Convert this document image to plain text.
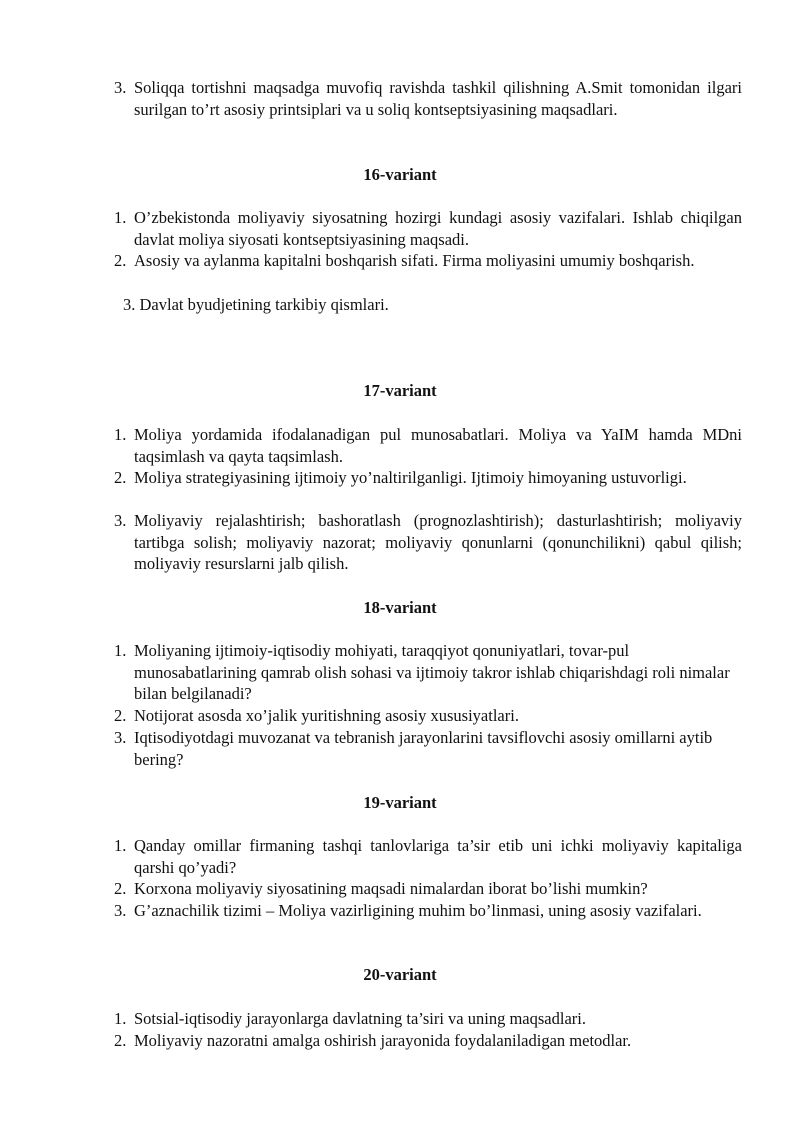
3. Soliqqa tortishni maqsadga muvofiq ravishda tashkil qilishning A.Smit tomonidan ilgari surilgan to’rt asosiy printsiplari va u soliq kontseptsiyasining maqsadlari.
16-variant
1. O’zbekistonda moliyaviy siyosatning hozirgi kundagi asosiy vazifalari. Ishlab chiqilgan davlat moliya siyosati kontseptsiyasining maqsadi.
2. Asosiy va aylanma kapitalni boshqarish sifati. Firma moliyasini umumiy boshqarish.
3. Davlat byudjetining tarkibiy qismlari.
17-variant
1. Moliya yordamida ifodalanadigan pul munosabatlari. Moliya va YaIM hamda MDni taqsimlash va qayta taqsimlash.
2. Moliya strategiyasining ijtimoiy yo’naltirilganligi. Ijtimoiy himoyaning ustuvorligi.
3. Moliyaviy rejalashtirish; bashoratlash (prognozlashtirish); dasturlashtirish; moliyaviy tartibga solish; moliyaviy nazorat; moliyaviy qonunlarni (qonunchilikni) qabul qilish; moliyaviy resurslarni jalb qilish.
18-variant
1. Moliyaning ijtimoiy-iqtisodiy mohiyati, taraqqiyot qonuniyatlari, tovar-pul munosabatlarining qamrab olish sohasi va ijtimoiy takror ishlab chiqarishdagi roli nimalar bilan belgilanadi?
2. Notijorat asosda xo’jalik yuritishning asosiy xususiyatlari.
3. Iqtisodiyotdagi muvozanat va tebranish jarayonlarini tavsiflovchi asosiy omillarni aytib bering?
19-variant
1. Qanday omillar firmaning tashqi tanlovlariga ta’sir etib uni ichki moliyaviy kapitaliga qarshi qo’yadi?
2. Korxona moliyaviy siyosatining maqsadi nimalardan iborat bo’lishi mumkin?
3. G’aznachilik tizimi – Moliya vazirligining muhim bo’linmasi, uning asosiy vazifalari.
20-variant
1. Sotsial-iqtisodiy jarayonlarga davlatning ta’siri va uning maqsadlari.
2. Moliyaviy nazoratni amalga oshirish jarayonida foydalaniladigan metodlar.
